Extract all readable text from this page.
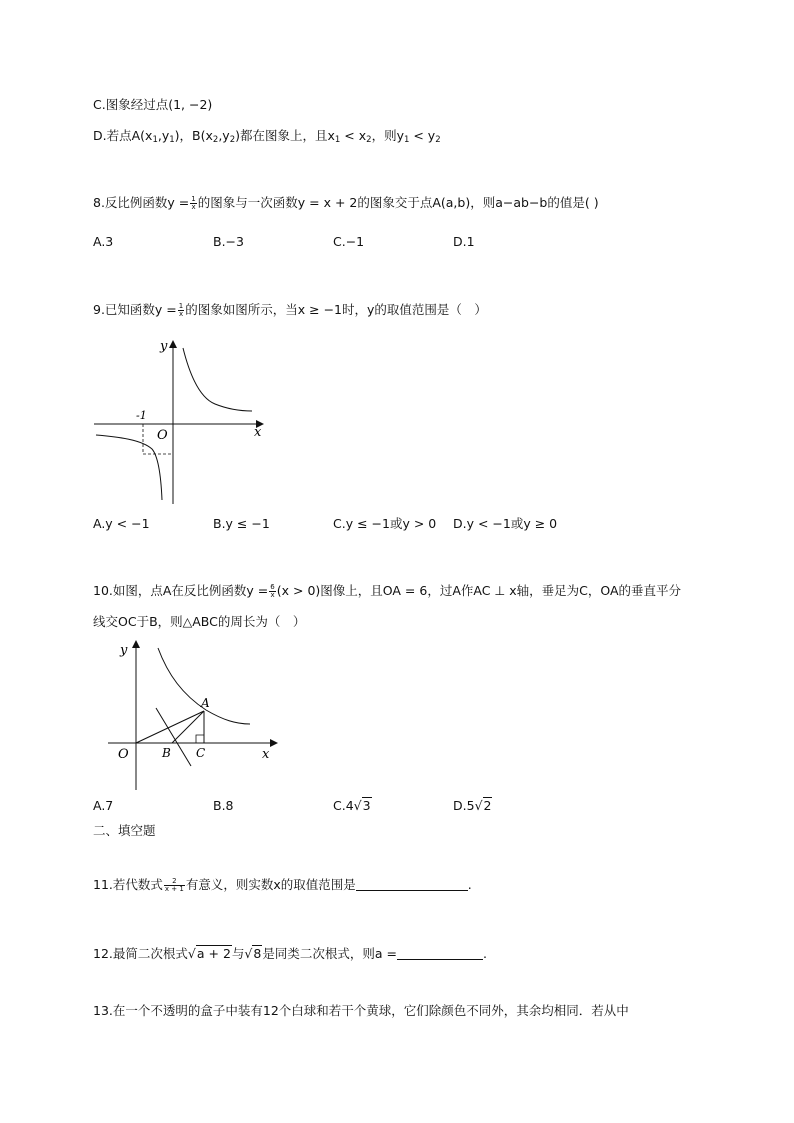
C.图象经过点(1, −2)
D.若点$A(x_1,y_1)$，$B(x_2,y_2)$都在图象上，且$x_1 < x_2$，则$y_1 < y_2$
8.反比例函数$y = \frac{1}{x}$ 的图象与一次函数y = x + 2的图象交于点A(a,b)，则a−ab−b的值是( )
A.3	B.−3	C.−1	D.1
9.已知函数$y = \frac{1}{x}$ 的图象如图所示，当x ≥ −1时，y的取值范围是（　）
y
x
O
-1
A.y < −1	B.y ≤ −1	C.y ≤ −1或y > 0 D.y < −1或y ≥ 0
10.如图，点A在反比例函数$y = \frac{6}{x} (x > 0)$图像上，且OA = 6，过A作AC ⊥ x轴，垂足为C，OA的垂直平分
线交OC于B，则△ABC的周长为（　）
y
x
O
A
B C
A.7	B.8	C.4√3	D.5√2
二、填空题
11.若代数式 $\frac{2}{x + 1}$ 有意义，则实数x的取值范围是	.
12.最简二次根式√a + 2与√8是同类二次根式，则a =	.
13.在一个不透明的盒子中装有12个白球和若干个黄球，它们除颜色不同外，其余均相同．若从中
